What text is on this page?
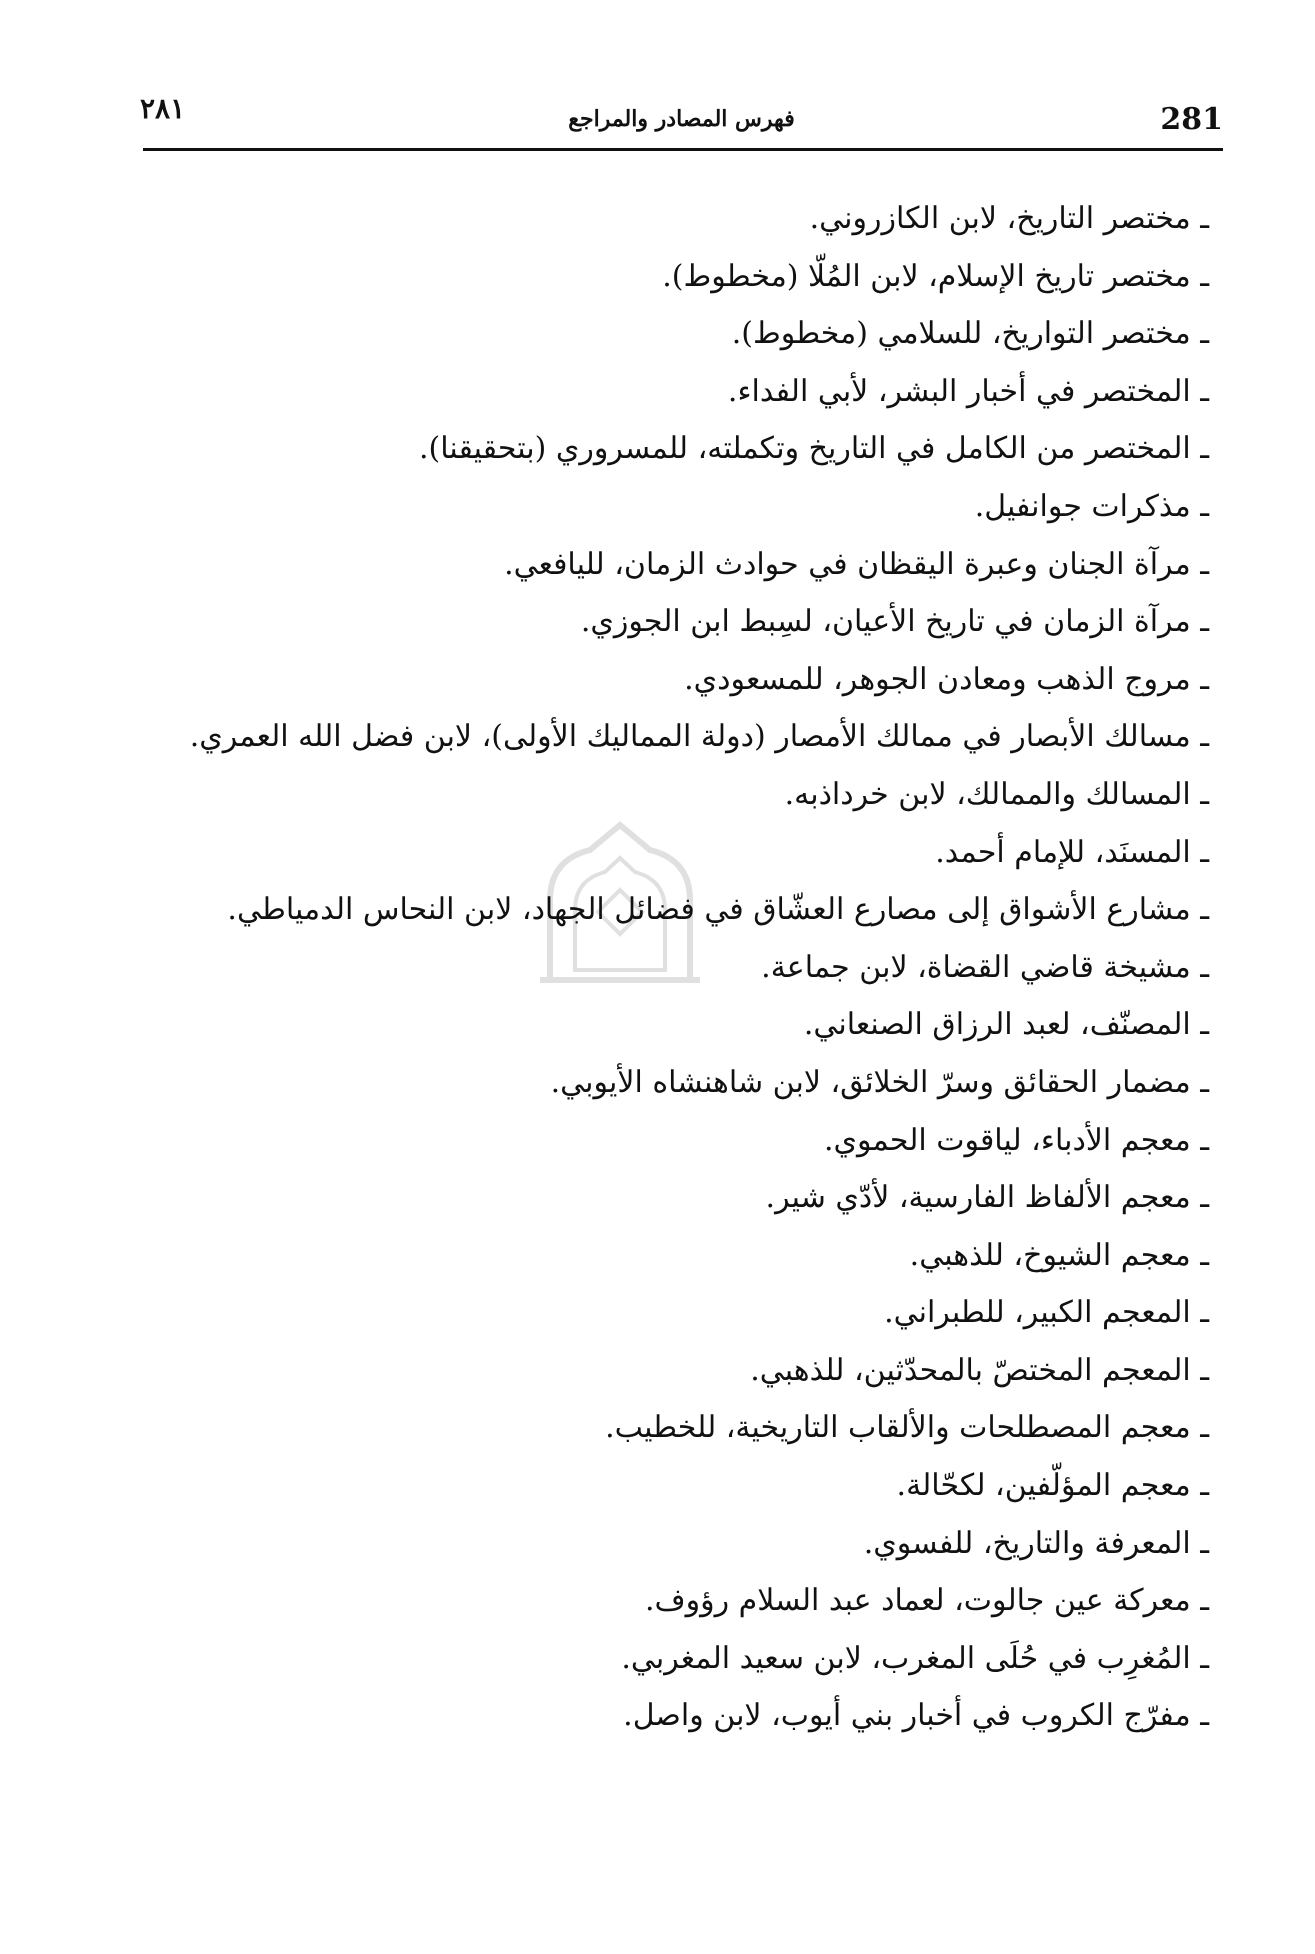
٢٨١	فهرس المصادر والمراجع	281
ـ مختصر التاريخ، لابن الكازروني.
ـ مختصر تاريخ الإسلام، لابن المُلّا (مخطوط).
ـ مختصر التواريخ، للسلامي (مخطوط).
ـ المختصر في أخبار البشر، لأبي الفداء.
ـ المختصر من الكامل في التاريخ وتكملته، للمسروري (بتحقيقنا).
ـ مذكرات جوانفيل.
ـ مرآة الجنان وعبرة اليقظان في حوادث الزمان، لليافعي.
ـ مرآة الزمان في تاريخ الأعيان، لسِبط ابن الجوزي.
ـ مروج الذهب ومعادن الجوهر، للمسعودي.
ـ مسالك الأبصار في ممالك الأمصار (دولة المماليك الأولى)، لابن فضل الله العمري.
ـ المسالك والممالك، لابن خرداذبه.
ـ المسنَد، للإمام أحمد.
ـ مشارع الأشواق إلى مصارع العشّاق في فضائل الجهاد، لابن النحاس الدمياطي.
ـ مشيخة قاضي القضاة، لابن جماعة.
ـ المصنّف، لعبد الرزاق الصنعاني.
ـ مضمار الحقائق وسرّ الخلائق، لابن شاهنشاه الأيوبي.
ـ معجم الأدباء، لياقوت الحموي.
ـ معجم الألفاظ الفارسية، لأدّي شير.
ـ معجم الشيوخ، للذهبي.
ـ المعجم الكبير، للطبراني.
ـ المعجم المختصّ بالمحدّثين، للذهبي.
ـ معجم المصطلحات والألقاب التاريخية، للخطيب.
ـ معجم المؤلّفين، لكحّالة.
ـ المعرفة والتاريخ، للفسوي.
ـ معركة عين جالوت، لعماد عبد السلام رؤوف.
ـ المُغرِب في حُلَى المغرب، لابن سعيد المغربي.
ـ مفرّج الكروب في أخبار بني أيوب، لابن واصل.
